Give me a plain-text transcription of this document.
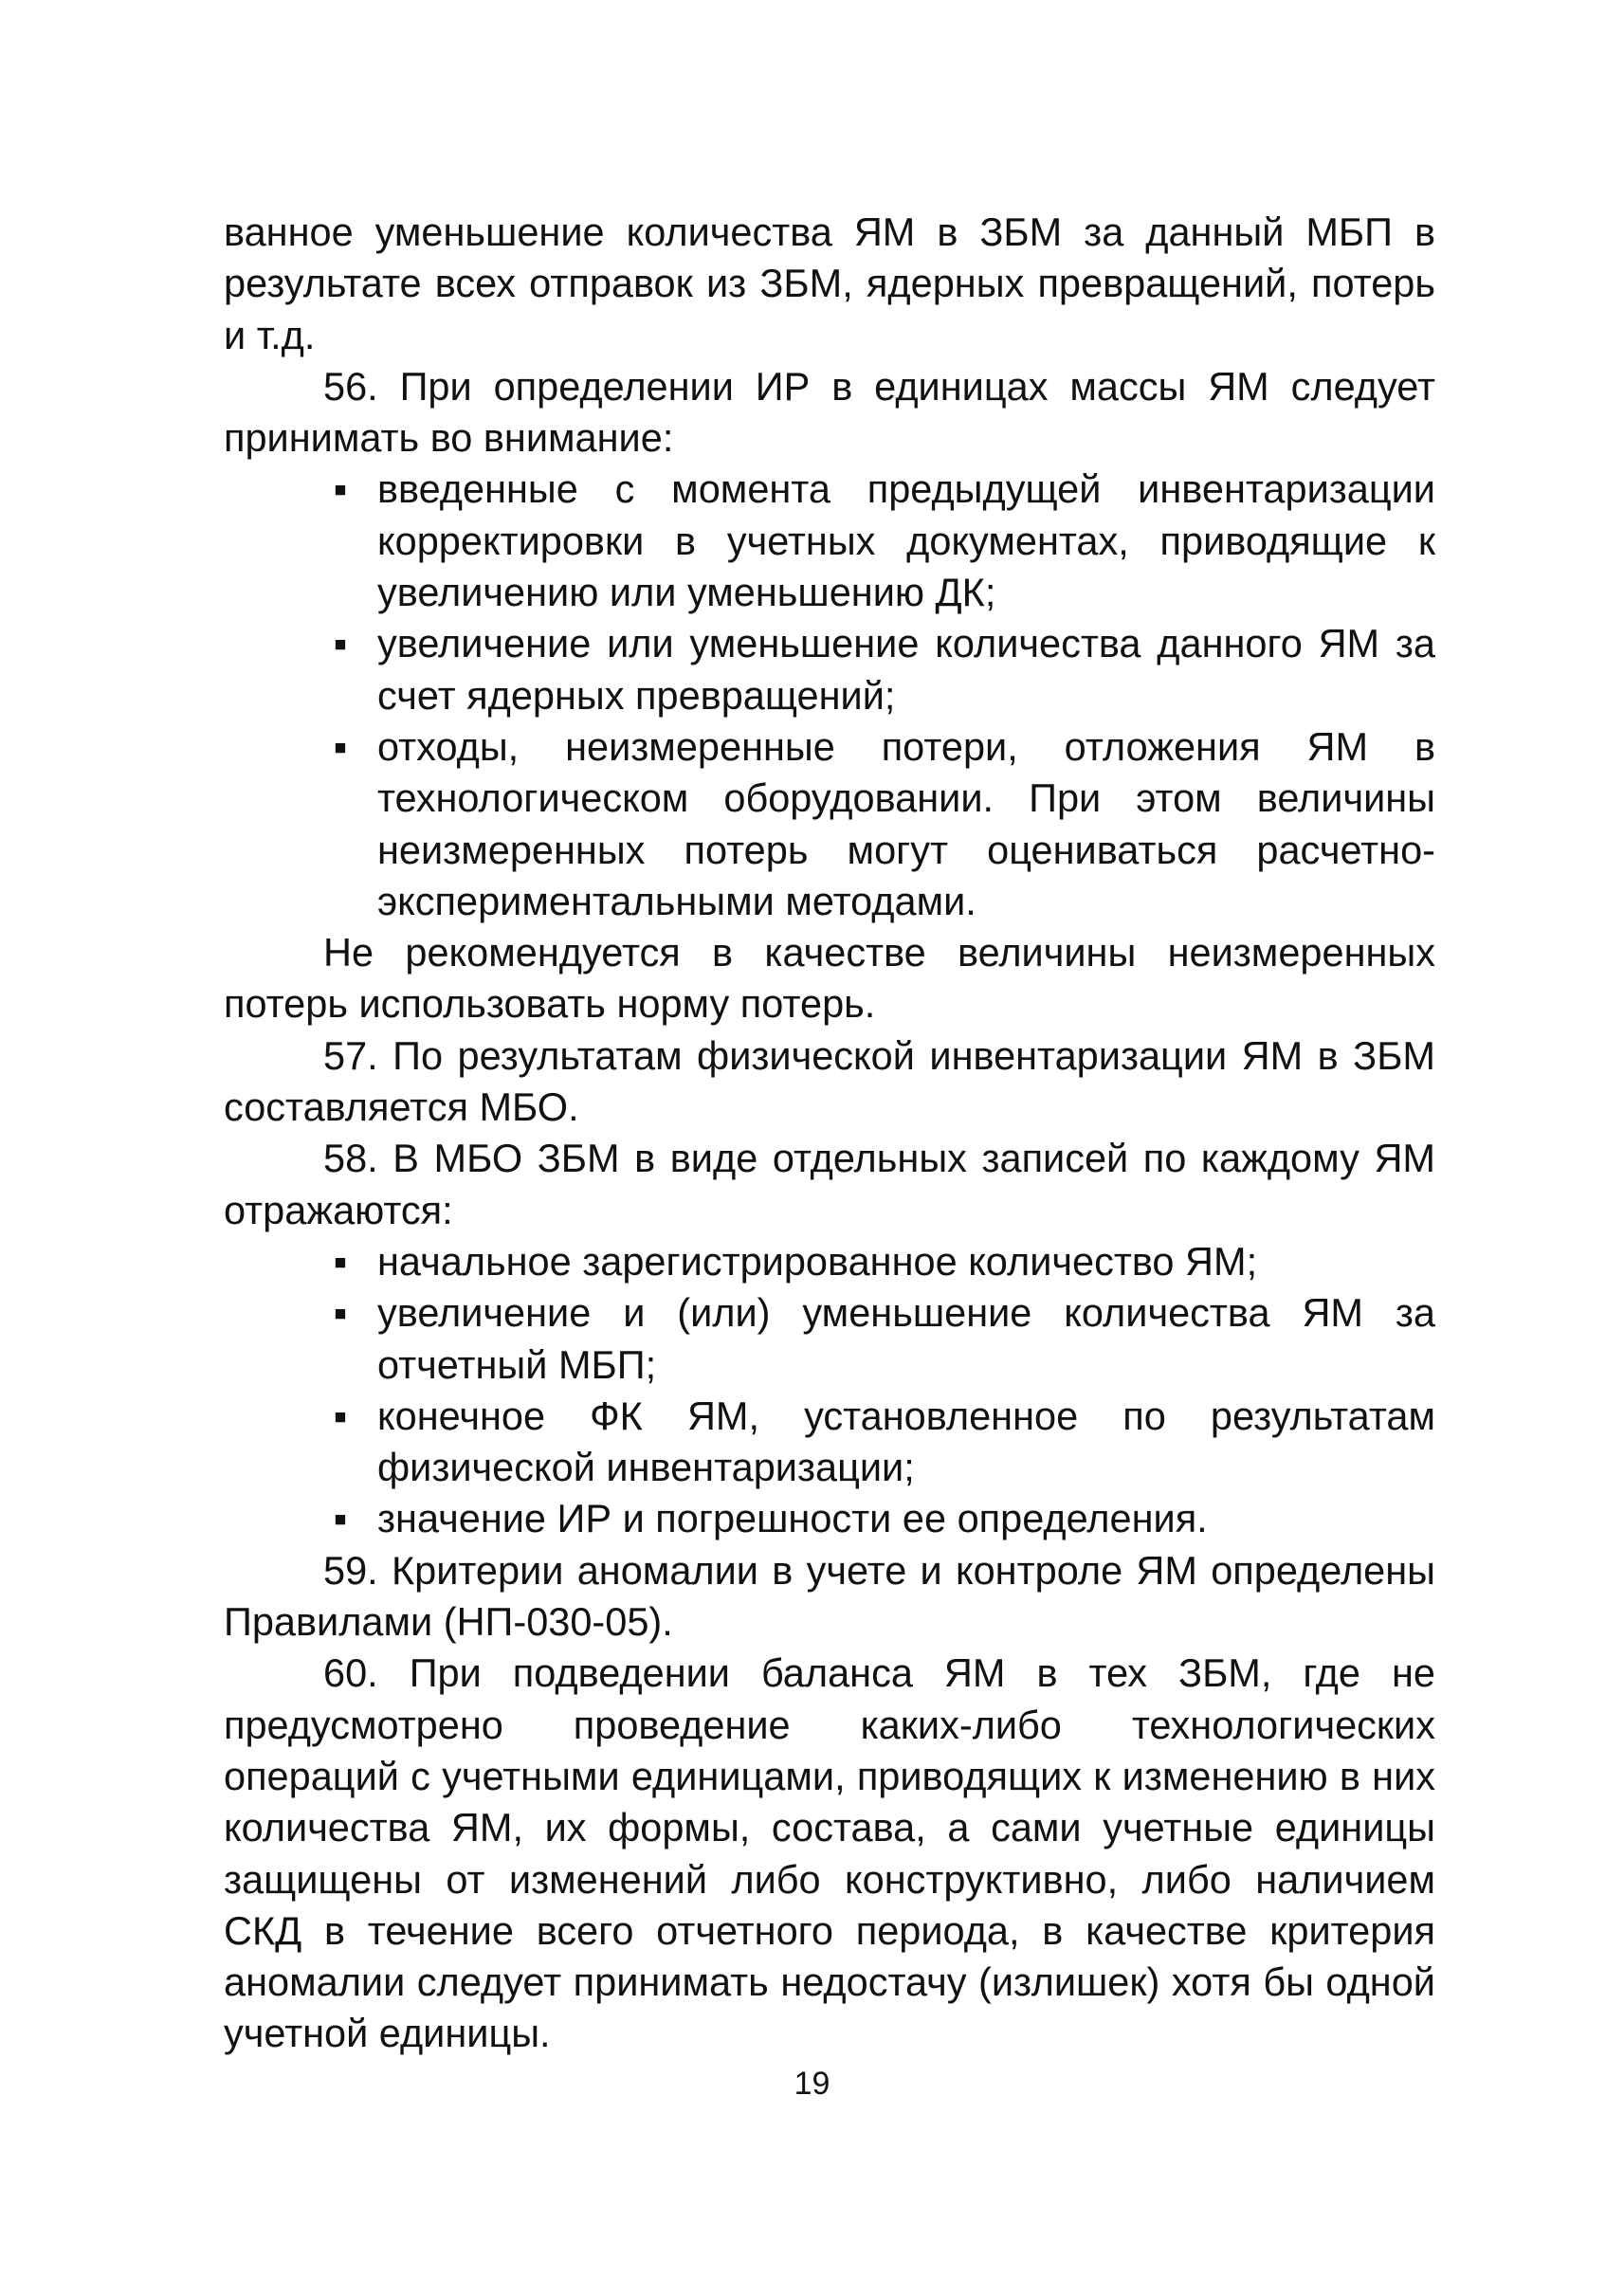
ванное уменьшение количества ЯМ в ЗБМ за данный МБП в результате всех отправок из ЗБМ, ядерных превращений, потерь и т.д.

56. При определении ИР в единицах массы ЯМ следует принимать во внимание:

▪ введенные с момента предыдущей инвентаризации корректировки в учетных документах, приводящие к увеличению или уменьшению ДК;
▪ увеличение или уменьшение количества данного ЯМ за счет ядерных превращений;
▪ отходы, неизмеренные потери, отложения ЯМ в технологическом оборудовании. При этом величины неизмеренных потерь могут оцениваться расчетноэкспериментальными методами.

Не рекомендуется в качестве величины неизмеренных потерь использовать норму потерь.

57. По результатам физической инвентаризации ЯМ в ЗБМ составляется МБО.

58. В МБО ЗБМ в виде отдельных записей по каждому ЯМ отражаются:

▪ начальное зарегистрированное количество ЯМ;
▪ увеличение и (или) уменьшение количества ЯМ за отчетный МБП;
▪ конечное ФК ЯМ, установленное по результатам физической инвентаризации;
▪ значение ИР и погрешности ее определения.

59. Критерии аномалии в учете и контроле ЯМ определены Правилами (НП-030-05).

60. При подведении баланса ЯМ в тех ЗБМ, где не предусмотрено проведение каких-либо технологических операций с учетными единицами, приводящих к изменению в них количества ЯМ, их формы, состава, а сами учетные единицы защищены от изменений либо конструктивно, либо наличием СКД в течение всего отчетного периода, в качестве критерия аномалии следует принимать недостачу (излишек) хотя бы одной учетной единицы.

19
